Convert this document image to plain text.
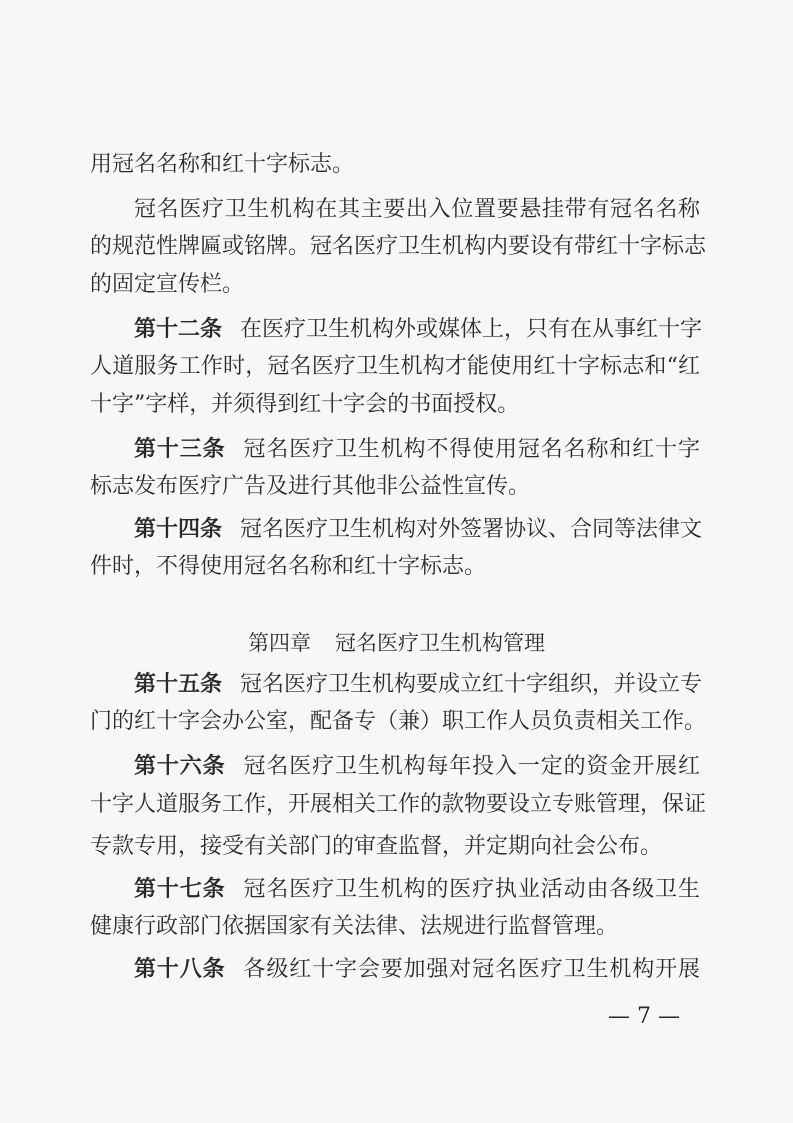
用冠名名称和红十字标志。
冠名医疗卫生机构在其主要出入位置要悬挂带有冠名名称
的规范性牌匾或铭牌。冠名医疗卫生机构内要设有带红十字标志
的固定宣传栏。
第十二条 在医疗卫生机构外或媒体上，只有在从事红十字
人道服务工作时，冠名医疗卫生机构才能使用红十字标志和“红
十字”字样，并须得到红十字会的书面授权。
第十三条 冠名医疗卫生机构不得使用冠名名称和红十字
标志发布医疗广告及进行其他非公益性宣传。
第十四条 冠名医疗卫生机构对外签署协议、合同等法律文
件时，不得使用冠名名称和红十字标志。
第四章 冠名医疗卫生机构管理
第十五条 冠名医疗卫生机构要成立红十字组织，并设立专
门的红十字会办公室，配备专（兼）职工作人员负责相关工作。
第十六条 冠名医疗卫生机构每年投入一定的资金开展红
十字人道服务工作，开展相关工作的款物要设立专账管理，保证
专款专用，接受有关部门的审查监督，并定期向社会公布。
第十七条 冠名医疗卫生机构的医疗执业活动由各级卫生
健康行政部门依据国家有关法律、法规进行监督管理。
第十八条 各级红十字会要加强对冠名医疗卫生机构开展
— 7 —
